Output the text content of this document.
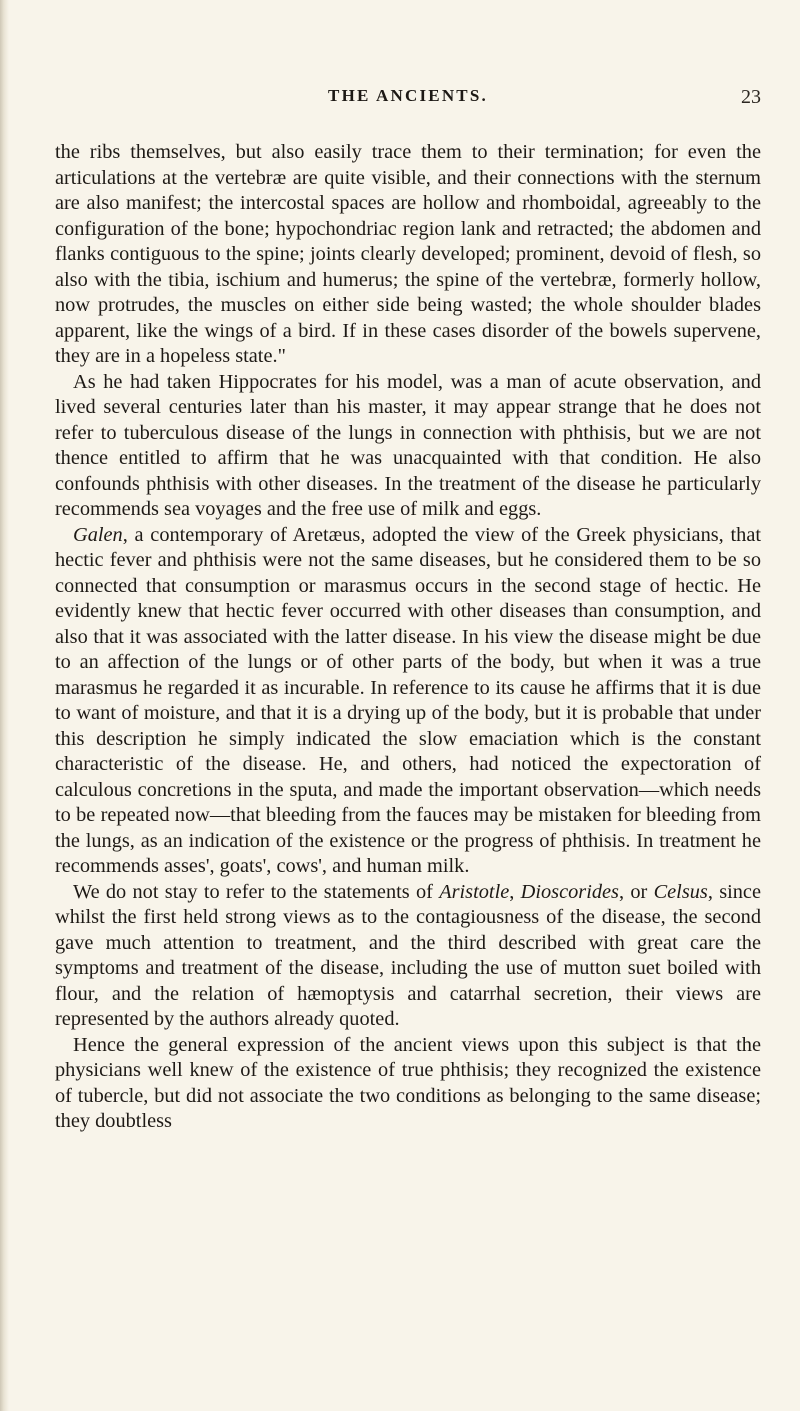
THE ANCIENTS.	23

the ribs themselves, but also easily trace them to their termination; for even the articulations at the vertebræ are quite visible, and their connections with the sternum are also manifest; the intercostal spaces are hollow and rhomboidal, agreeably to the configuration of the bone; hypochondriac region lank and retracted; the abdomen and flanks contiguous to the spine; joints clearly developed; prominent, devoid of flesh, so also with the tibia, ischium and humerus; the spine of the vertebræ, formerly hollow, now protrudes, the muscles on either side being wasted; the whole shoulder blades apparent, like the wings of a bird. If in these cases disorder of the bowels supervene, they are in a hopeless state."

As he had taken Hippocrates for his model, was a man of acute observation, and lived several centuries later than his master, it may appear strange that he does not refer to tuberculous disease of the lungs in connection with phthisis, but we are not thence entitled to affirm that he was unacquainted with that condition. He also confounds phthisis with other diseases. In the treatment of the disease he particularly recommends sea voyages and the free use of milk and eggs.

Galen, a contemporary of Aretæus, adopted the view of the Greek physicians, that hectic fever and phthisis were not the same diseases, but he considered them to be so connected that consumption or marasmus occurs in the second stage of hectic. He evidently knew that hectic fever occurred with other diseases than consumption, and also that it was associated with the latter disease. In his view the disease might be due to an affection of the lungs or of other parts of the body, but when it was a true marasmus he regarded it as incurable. In reference to its cause he affirms that it is due to want of moisture, and that it is a drying up of the body, but it is probable that under this description he simply indicated the slow emaciation which is the constant characteristic of the disease. He, and others, had noticed the expectoration of calculous concretions in the sputa, and made the important observation—which needs to be repeated now—that bleeding from the fauces may be mistaken for bleeding from the lungs, as an indication of the existence or the progress of phthisis. In treatment he recommends asses', goats', cows', and human milk.

We do not stay to refer to the statements of Aristotle, Dioscorides, or Celsus, since whilst the first held strong views as to the contagiousness of the disease, the second gave much attention to treatment, and the third described with great care the symptoms and treatment of the disease, including the use of mutton suet boiled with flour, and the relation of hæmoptysis and catarrhal secretion, their views are represented by the authors already quoted.

Hence the general expression of the ancient views upon this subject is that the physicians well knew of the existence of true phthisis; they recognized the existence of tubercle, but did not associate the two conditions as belonging to the same disease; they doubtless
